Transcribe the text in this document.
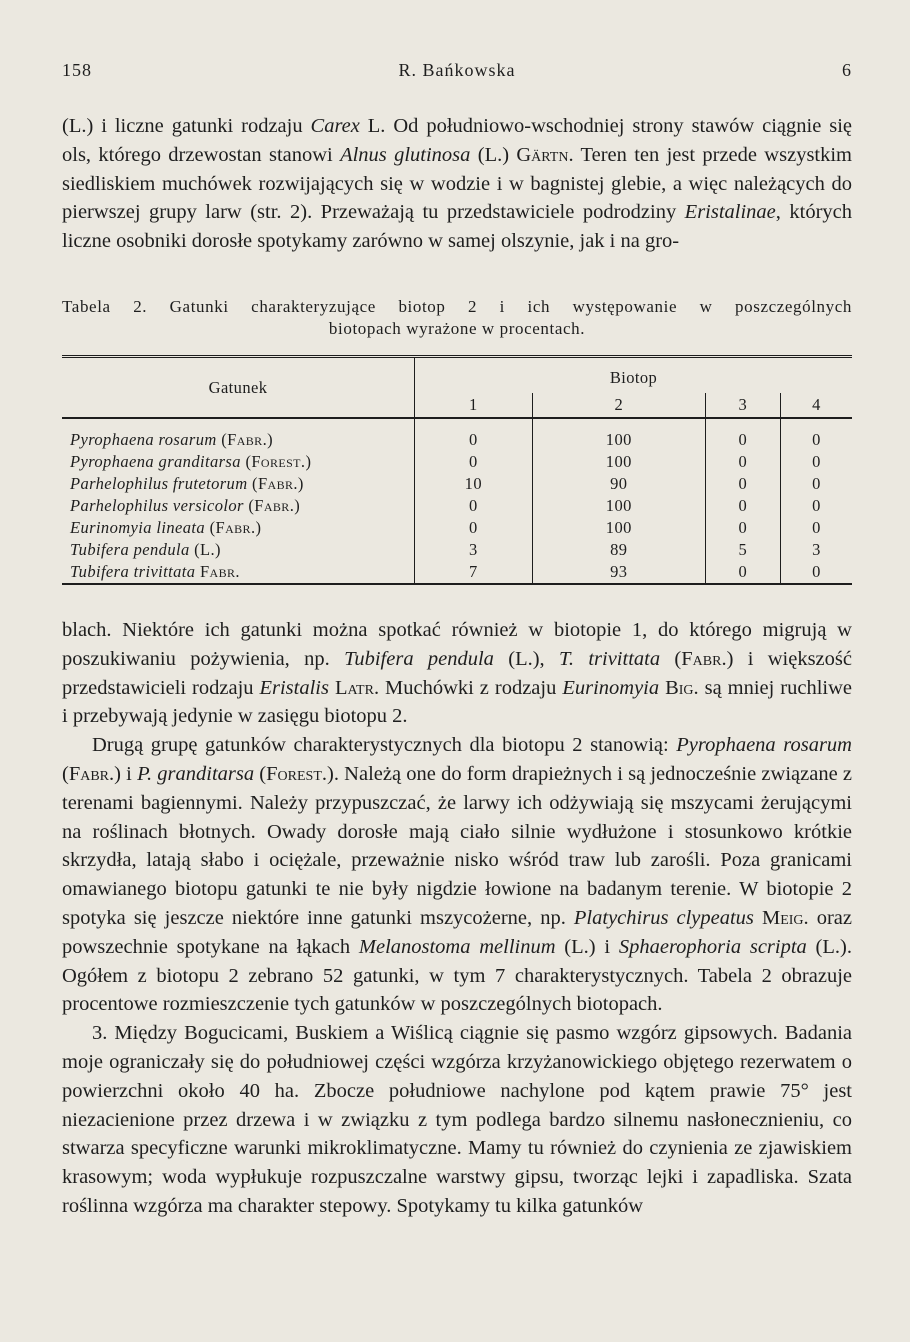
158	R. Bańkowska	6

(L.) i liczne gatunki rodzaju Carex L. Od południowo-wschodniej strony stawów ciągnie się ols, którego drzewostan stanowi Alnus glutinosa (L.) Gärtn. Teren ten jest przede wszystkim siedliskiem muchówek rozwijających się w wodzie i w bagnistej glebie, a więc należących do pierwszej grupy larw (str. 2). Przeważają tu przedstawiciele podrodziny Eristalinae, których liczne osobniki dorosłe spotykamy zarówno w samej olszynie, jak i na gro-

Tabela 2. Gatunki charakteryzujące biotop 2 i ich występowanie w poszczególnych
biotopach wyrażone w procentach.
Gatunek	Biotop			
	1	2	3	4
Pyrophaena rosarum (Fabr.)	0	100	0	0
Pyrophaena granditarsa (Forest.)	0	100	0	0
Parhelophilus frutetorum (Fabr.)	10	90	0	0
Parhelophilus versicolor (Fabr.)	0	100	0	0
Eurinomyia lineata (Fabr.)	0	100	0	0
Tubifera pendula (L.)	3	89	5	3
Tubifera trivittata Fabr.	7	93	0	0

blach. Niektóre ich gatunki można spotkać również w biotopie 1, do którego migrują w poszukiwaniu pożywienia, np. Tubifera pendula (L.), T. trivittata (Fabr.) i większość przedstawicieli rodzaju Eristalis Latr. Muchówki z rodzaju Eurinomyia Big. są mniej ruchliwe i przebywają jedynie w zasięgu biotopu 2.

Drugą grupę gatunków charakterystycznych dla biotopu 2 stanowią: Pyrophaena rosarum (Fabr.) i P. granditarsa (Forest.). Należą one do form drapieżnych i są jednocześnie związane z terenami bagiennymi. Należy przypuszczać, że larwy ich odżywiają się mszycami żerującymi na roślinach błotnych. Owady dorosłe mają ciało silnie wydłużone i stosunkowo krótkie skrzydła, latają słabo i ociężale, przeważnie nisko wśród traw lub zarośli. Poza granicami omawianego biotopu gatunki te nie były nigdzie łowione na badanym terenie. W biotopie 2 spotyka się jeszcze niektóre inne gatunki mszycożerne, np. Platychirus clypeatus Meig. oraz powszechnie spotykane na łąkach Melanostoma mellinum (L.) i Sphaerophoria scripta (L.). Ogółem z biotopu 2 zebrano 52 gatunki, w tym 7 charakterystycznych. Tabela 2 obrazuje procentowe rozmieszczenie tych gatunków w poszczególnych biotopach.

3. Między Bogucicami, Buskiem a Wiślicą ciągnie się pasmo wzgórz gipsowych. Badania moje ograniczały się do południowej części wzgórza krzyżanowickiego objętego rezerwatem o powierzchni około 40 ha. Zbocze południowe nachylone pod kątem prawie 75° jest niezacienione przez drzewa i w związku z tym podlega bardzo silnemu nasłonecznieniu, co stwarza specyficzne warunki mikroklimatyczne. Mamy tu również do czynienia ze zjawiskiem krasowym; woda wypłukuje rozpuszczalne warstwy gipsu, tworząc lejki i zapadliska. Szata roślinna wzgórza ma charakter stepowy. Spotykamy tu kilka gatunków
